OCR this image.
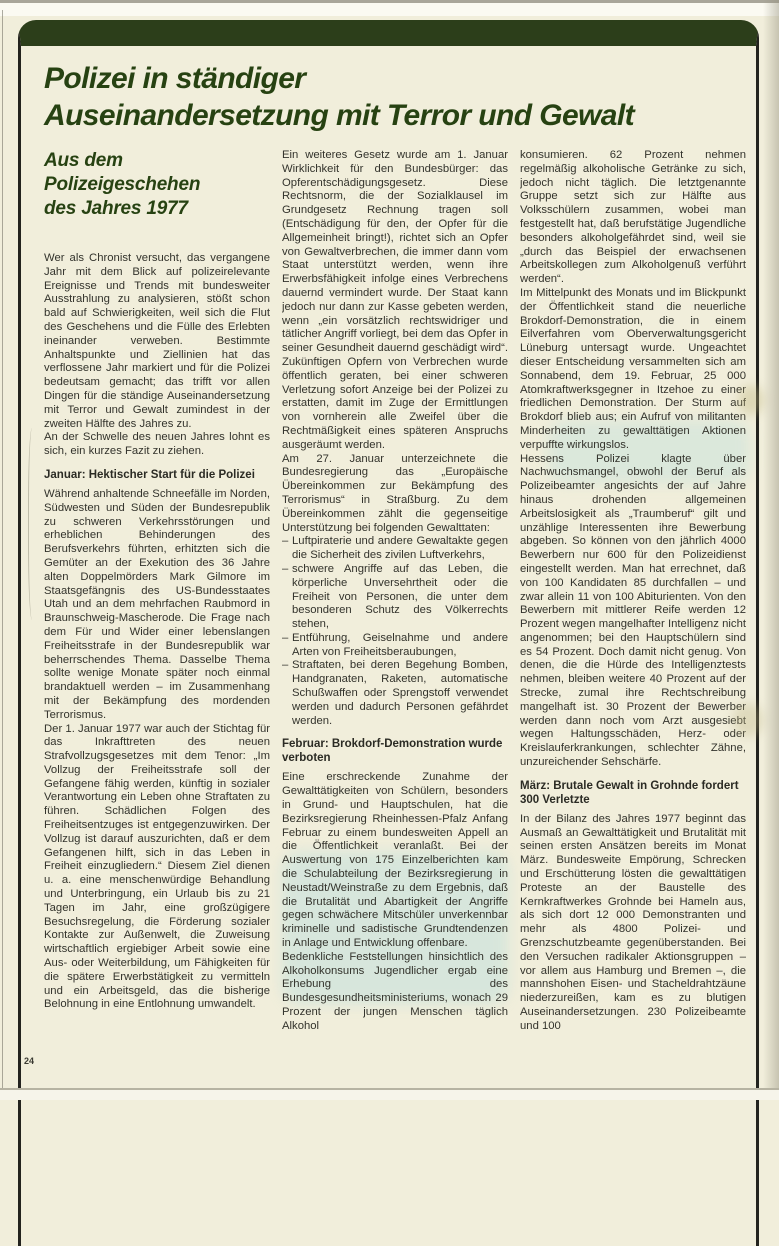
Polizei in ständiger
Auseinandersetzung mit Terror und Gewalt
Aus dem
Polizeigeschehen
des Jahres 1977

Wer als Chronist versucht, das vergangene Jahr mit dem Blick auf polizeirelevante Ereignisse und Trends mit bundesweiter Ausstrahlung zu analysieren, stößt schon bald auf Schwierigkeiten, weil sich die Flut des Geschehens und die Fülle des Erlebten ineinander verweben. Bestimmte Anhaltspunkte und Ziellinien hat das verflossene Jahr markiert und für die Polizei bedeutsam gemacht; das trifft vor allen Dingen für die ständige Auseinandersetzung mit Terror und Gewalt zumindest in der zweiten Hälfte des Jahres zu.

An der Schwelle des neuen Jahres lohnt es sich, ein kurzes Fazit zu ziehen.

Januar: Hektischer Start für die Polizei

Während anhaltende Schneefälle im Norden, Südwesten und Süden der Bundesrepublik zu schweren Verkehrsstörungen und erheblichen Behinderungen des Berufsverkehrs führten, erhitzten sich die Gemüter an der Exekution des 36 Jahre alten Doppelmörders Mark Gilmore im Staatsgefängnis des US-Bundesstaates Utah und an dem mehrfachen Raubmord in Braunschweig-Mascherode. Die Frage nach dem Für und Wider einer lebenslangen Freiheitsstrafe in der Bundesrepublik war beherrschendes Thema. Dasselbe Thema sollte wenige Monate später noch einmal brandaktuell werden – im Zusammenhang mit der Bekämpfung des mordenden Terrorismus.

Der 1. Januar 1977 war auch der Stichtag für das Inkrafttreten des neuen Strafvollzugsgesetzes mit dem Tenor: „Im Vollzug der Freiheitsstrafe soll der Gefangene fähig werden, künftig in sozialer Verantwortung ein Leben ohne Straftaten zu führen. Schädlichen Folgen des Freiheitsentzuges ist entgegenzuwirken. Der Vollzug ist darauf auszurichten, daß er dem Gefangenen hilft, sich in das Leben in Freiheit einzugliedern.“ Diesem Ziel dienen u. a. eine menschenwürdige Behandlung und Unterbringung, ein Urlaub bis zu 21 Tagen im Jahr, eine großzügigere Besuchsregelung, die Förderung sozialer Kontakte zur Außenwelt, die Zuweisung wirtschaftlich ergiebiger Arbeit sowie eine Aus- oder Weiterbildung, um Fähigkeiten für die spätere Erwerbstätigkeit zu vermitteln und ein Arbeitsgeld, das die bisherige Belohnung in eine Entlohnung umwandelt.

Ein weiteres Gesetz wurde am 1. Januar Wirklichkeit für den Bundesbürger: das Opferentschädigungsgesetz. Diese Rechtsnorm, die der Sozialklausel im Grundgesetz Rechnung tragen soll (Entschädigung für den, der Opfer für die Allgemeinheit bringt!), richtet sich an Opfer von Gewaltverbrechen, die immer dann vom Staat unterstützt werden, wenn ihre Erwerbsfähigkeit infolge eines Verbrechens dauernd vermindert wurde. Der Staat kann jedoch nur dann zur Kasse gebeten werden, wenn „ein vorsätzlich rechtswidriger und tätlicher Angriff vorliegt, bei dem das Opfer in seiner Gesundheit dauernd geschädigt wird“. Zukünftigen Opfern von Verbrechen wurde öffentlich geraten, bei einer schweren Verletzung sofort Anzeige bei der Polizei zu erstatten, damit im Zuge der Ermittlungen von vornherein alle Zweifel über die Rechtmäßigkeit eines späteren Anspruchs ausgeräumt werden.

Am 27. Januar unterzeichnete die Bundesregierung das „Europäische Übereinkommen zur Bekämpfung des Terrorismus“ in Straßburg. Zu dem Übereinkommen zählt die gegenseitige Unterstützung bei folgenden Gewalttaten:

– Luftpiraterie und andere Gewaltakte gegen die Sicherheit des zivilen Luftverkehrs,
– schwere Angriffe auf das Leben, die körperliche Unversehrtheit oder die Freiheit von Personen, die unter dem besonderen Schutz des Völkerrechts stehen,
– Entführung, Geiselnahme und andere Arten von Freiheitsberaubungen,
– Straftaten, bei deren Begehung Bomben, Handgranaten, Raketen, automatische Schußwaffen oder Sprengstoff verwendet werden und dadurch Personen gefährdet werden.
Februar: Brokdorf-Demonstration wurde verboten

Eine erschreckende Zunahme der Gewalttätigkeiten von Schülern, besonders in Grund- und Hauptschulen, hat die Bezirksregierung Rheinhessen-Pfalz Anfang Februar zu einem bundesweiten Appell an die Öffentlichkeit veranlaßt. Bei der Auswertung von 175 Einzelberichten kam die Schulabteilung der Bezirksregierung in Neustadt/Weinstraße zu dem Ergebnis, daß die Brutalität und Abartigkeit der Angriffe gegen schwächere Mitschüler unverkennbar kriminelle und sadistische Grundtendenzen in Anlage und Entwicklung offenbare.

Bedenkliche Feststellungen hinsichtlich des Alkoholkonsums Jugendlicher ergab eine Erhebung des Bundesgesundheitsministeriums, wonach 29 Prozent der jungen Menschen täglich Alkohol

konsumieren. 62 Prozent nehmen regelmäßig alkoholische Getränke zu sich, jedoch nicht täglich. Die letztgenannte Gruppe setzt sich zur Hälfte aus Volksschülern zusammen, wobei man festgestellt hat, daß berufstätige Jugendliche besonders alkoholgefährdet sind, weil sie „durch das Beispiel der erwachsenen Arbeitskollegen zum Alkoholgenuß verführt werden“.

Im Mittelpunkt des Monats und im Blickpunkt der Öffentlichkeit stand die neuerliche Brokdorf-Demonstration, die in einem Eilverfahren vom Oberverwaltungsgericht Lüneburg untersagt wurde. Ungeachtet dieser Entscheidung versammelten sich am Sonnabend, dem 19. Februar, 25 000 Atomkraftwerksgegner in Itzehoe zu einer friedlichen Demonstration. Der Sturm auf Brokdorf blieb aus; ein Aufruf von militanten Minderheiten zu gewalttätigen Aktionen verpuffte wirkungslos.

Hessens Polizei klagte über Nachwuchsmangel, obwohl der Beruf als Polizeibeamter angesichts der auf Jahre hinaus drohenden allgemeinen Arbeitslosigkeit als „Traumberuf“ gilt und unzählige Interessenten ihre Bewerbung abgeben. So können von den jährlich 4000 Bewerbern nur 600 für den Polizeidienst eingestellt werden. Man hat errechnet, daß von 100 Kandidaten 85 durchfallen – und zwar allein 11 von 100 Abiturienten. Von den Bewerbern mit mittlerer Reife werden 12 Prozent wegen mangelhafter Intelligenz nicht angenommen; bei den Hauptschülern sind es 54 Prozent. Doch damit nicht genug. Von denen, die die Hürde des Intelligenztests nehmen, bleiben weitere 40 Prozent auf der Strecke, zumal ihre Rechtschreibung mangelhaft ist. 30 Prozent der Bewerber werden dann noch vom Arzt ausgesiebt wegen Haltungsschäden, Herz- oder Kreislauferkrankungen, schlechter Zähne, unzureichender Sehschärfe.

März: Brutale Gewalt in Grohnde fordert 300 Verletzte

In der Bilanz des Jahres 1977 beginnt das Ausmaß an Gewalttätigkeit und Brutalität mit seinen ersten Ansätzen bereits im Monat März. Bundesweite Empörung, Schrecken und Erschütterung lösten die gewalttätigen Proteste an der Baustelle des Kernkraftwerkes Grohnde bei Hameln aus, als sich dort 12 000 Demonstranten und mehr als 4800 Polizei- und Grenzschutzbeamte gegenüberstanden. Bei den Versuchen radikaler Aktionsgruppen – vor allem aus Hamburg und Bremen –, die mannshohen Eisen- und Stacheldrahtzäune niederzureißen, kam es zu blutigen Auseinandersetzungen. 230 Polizeibeamte und 100

24
